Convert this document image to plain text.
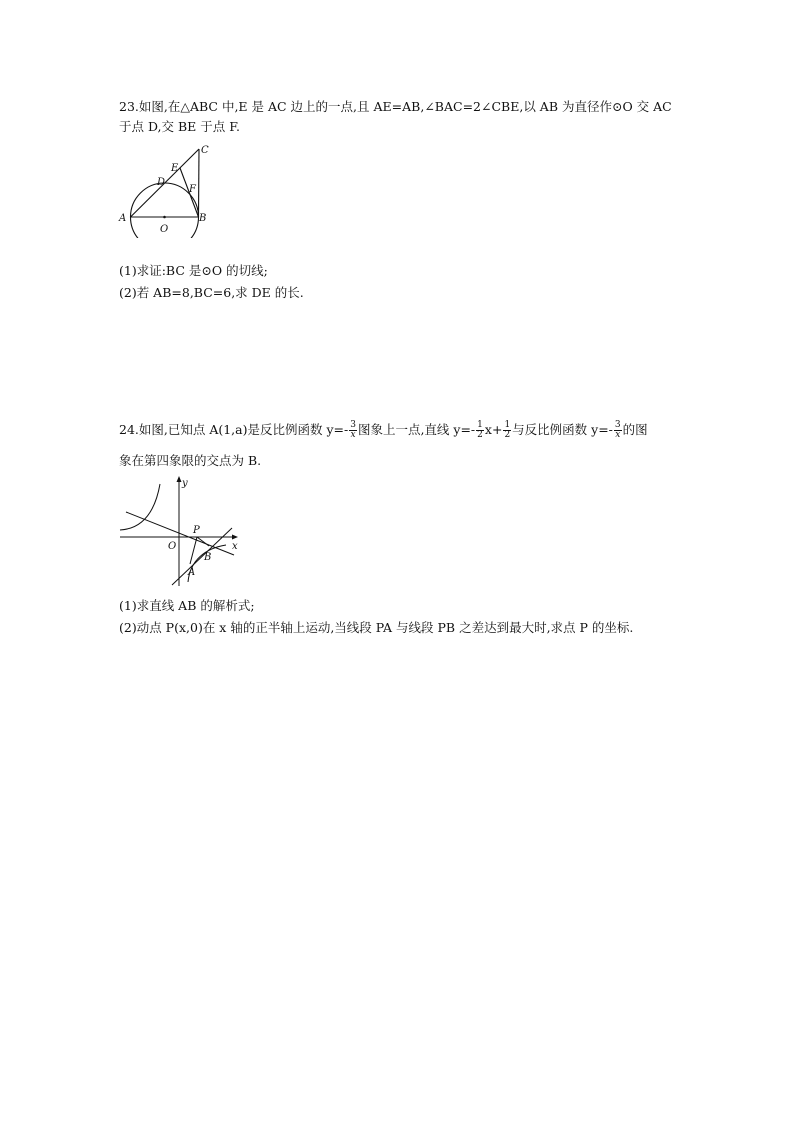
23.如图,在△ABC 中,E 是 AC 边上的一点,且 AE=AB,∠BAC=2∠CBE,以 AB 为直径作⊙O 交 AC
于点 D,交 BE 于点 F.
A	B
C
D
E
F
O
(1)求证:BC 是⊙O 的切线;
(2)若 AB=8,BC=6,求 DE 的长.
24.如图,已知点 A(1,a)是反比例函数 $y=- \frac{3}{x}$ 图象上一点,直线 $y=- \frac{1}{2} x+ \frac{1}{2}$ 与反比例函数 $y=- \frac{3}{x}$ 的图
象在第四象限的交点为 B.
y
x
O
P
A
B
(1)求直线 AB 的解析式;
(2)动点 P(x,0)在 x 轴的正半轴上运动,当线段 PA 与线段 PB 之差达到最大时,求点 P 的坐标.
